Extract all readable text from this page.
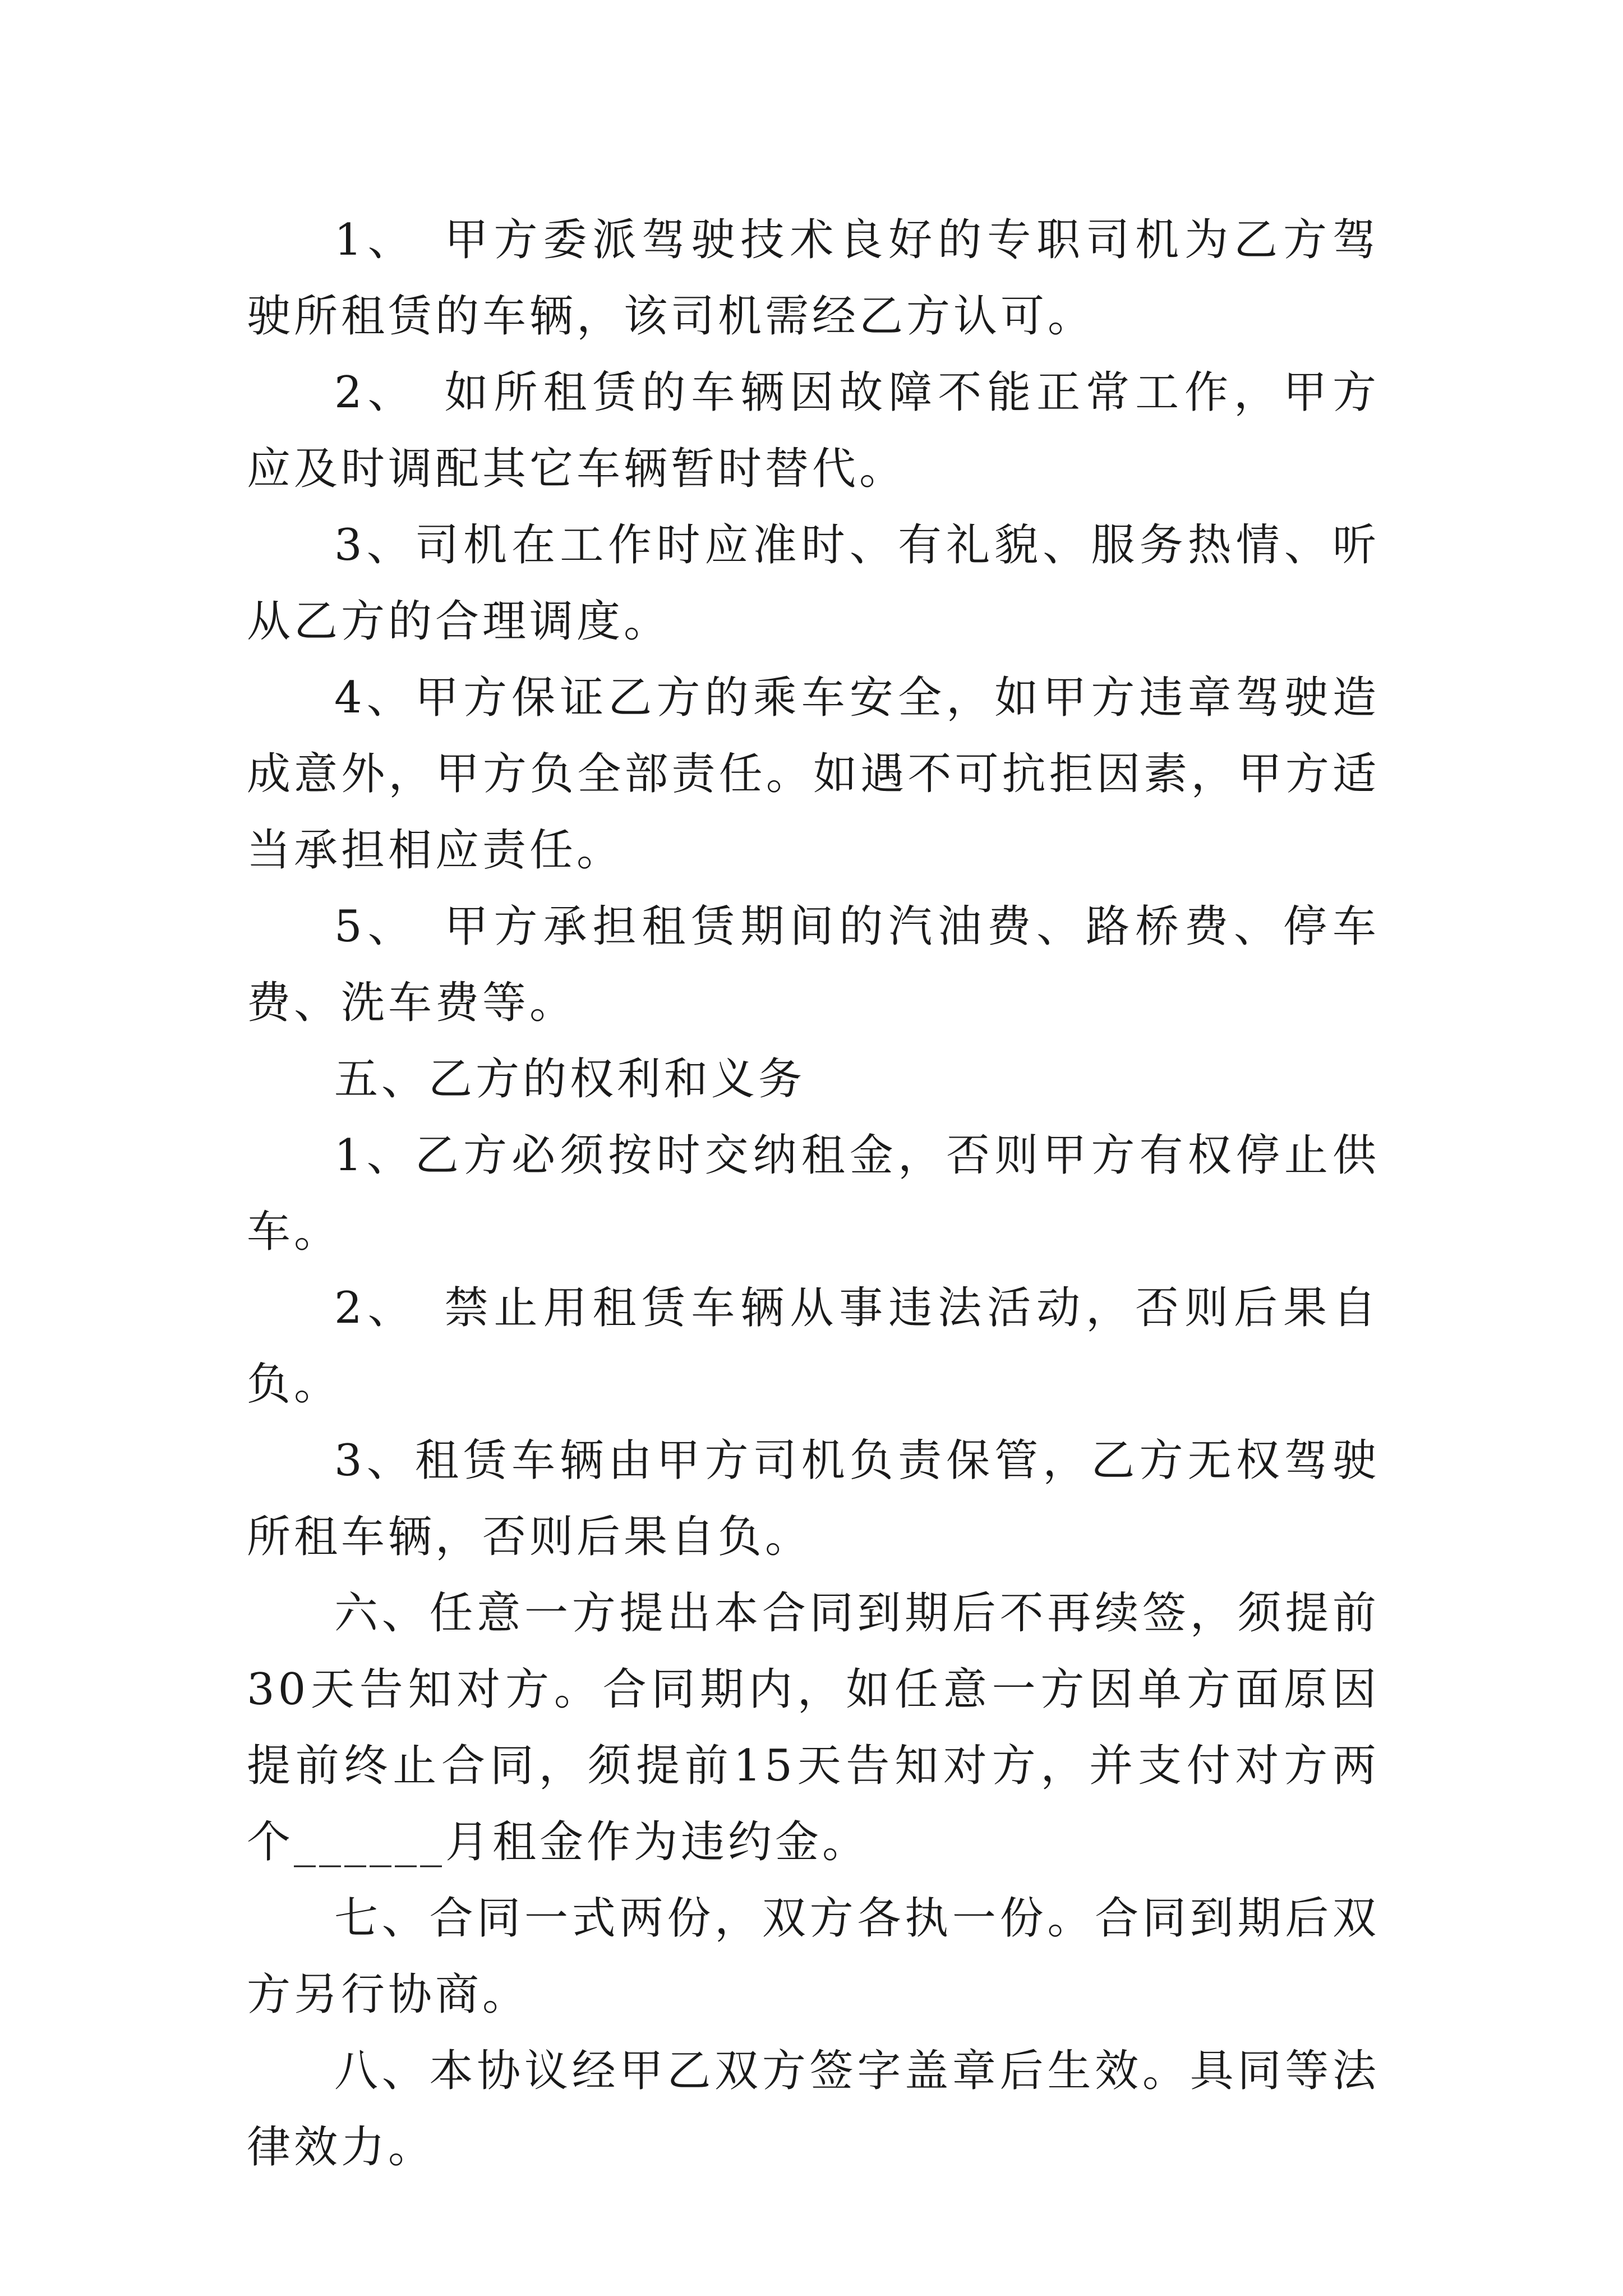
1、　甲方委派驾驶技术良好的专职司机为乙方驾驶所租赁的车辆，该司机需经乙方认可。

2、　如所租赁的车辆因故障不能正常工作，甲方应及时调配其它车辆暂时替代。

3、司机在工作时应准时、有礼貌、服务热情、听从乙方的合理调度。

4、甲方保证乙方的乘车安全，如甲方违章驾驶造成意外，甲方负全部责任。如遇不可抗拒因素，甲方适当承担相应责任。

5、　甲方承担租赁期间的汽油费、路桥费、停车费、洗车费等。

五、乙方的权利和义务

1、乙方必须按时交纳租金，否则甲方有权停止供车。

2、　禁止用租赁车辆从事违法活动，否则后果自负。

3、租赁车辆由甲方司机负责保管，乙方无权驾驶所租车辆，否则后果自负。

六、任意一方提出本合同到期后不再续签，须提前30天告知对方。合同期内，如任意一方因单方面原因提前终止合同，须提前15天告知对方，并支付对方两个______月租金作为违约金。

七、合同一式两份，双方各执一份。合同到期后双方另行协商。

八、本协议经甲乙双方签字盖章后生效。具同等法律效力。
